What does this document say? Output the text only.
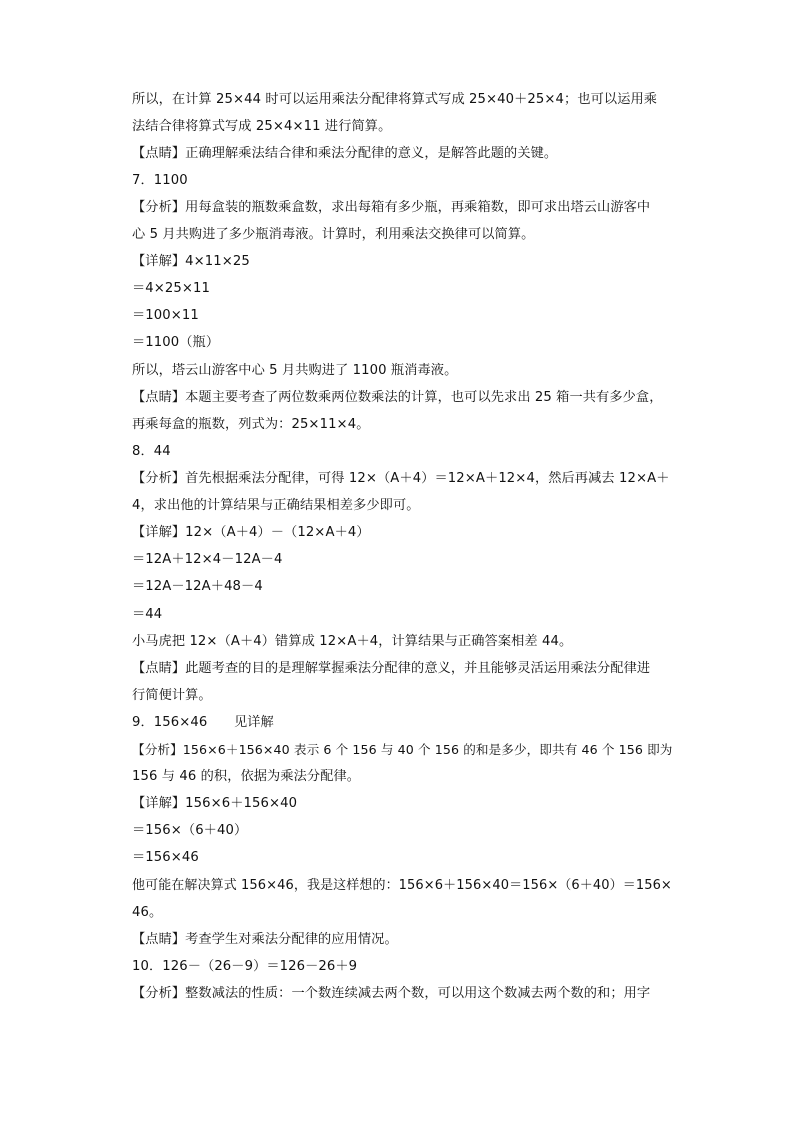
所以，在计算 25×44 时可以运用乘法分配律将算式写成 25×40＋25×4；也可以运用乘
法结合律将算式写成 25×4×11 进行简算。
【点睛】正确理解乘法结合律和乘法分配律的意义，是解答此题的关键。
7．1100
【分析】用每盒装的瓶数乘盒数，求出每箱有多少瓶，再乘箱数，即可求出塔云山游客中
心 5 月共购进了多少瓶消毒液。计算时，利用乘法交换律可以简算。
【详解】4×11×25
＝4×25×11
＝100×11
＝1100（瓶）
所以，塔云山游客中心 5 月共购进了 1100 瓶消毒液。
【点睛】本题主要考查了两位数乘两位数乘法的计算，也可以先求出 25 箱一共有多少盒，
再乘每盒的瓶数，列式为：25×11×4。
8．44
【分析】首先根据乘法分配律，可得 12×（A＋4）＝12×A＋12×4，然后再减去 12×A＋
4，求出他的计算结果与正确结果相差多少即可。
【详解】12×（A＋4）－（12×A＋4）
＝12A＋12×4－12A－4
＝12A－12A＋48－4
＝44
小马虎把 12×（A＋4）错算成 12×A＋4，计算结果与正确答案相差 44。
【点睛】此题考查的目的是理解掌握乘法分配律的意义，并且能够灵活运用乘法分配律进
行简便计算。
9．156×46　　见详解
【分析】156×6＋156×40 表示 6 个 156 与 40 个 156 的和是多少，即共有 46 个 156 即为
156 与 46 的积，依据为乘法分配律。
【详解】156×6＋156×40
＝156×（6＋40）
＝156×46
他可能在解决算式 156×46，我是这样想的：156×6＋156×40＝156×（6＋40）＝156×
46。
【点睛】考查学生对乘法分配律的应用情况。
10．126－（26－9）＝126－26＋9
【分析】整数减法的性质：一个数连续减去两个数，可以用这个数减去两个数的和；用字
